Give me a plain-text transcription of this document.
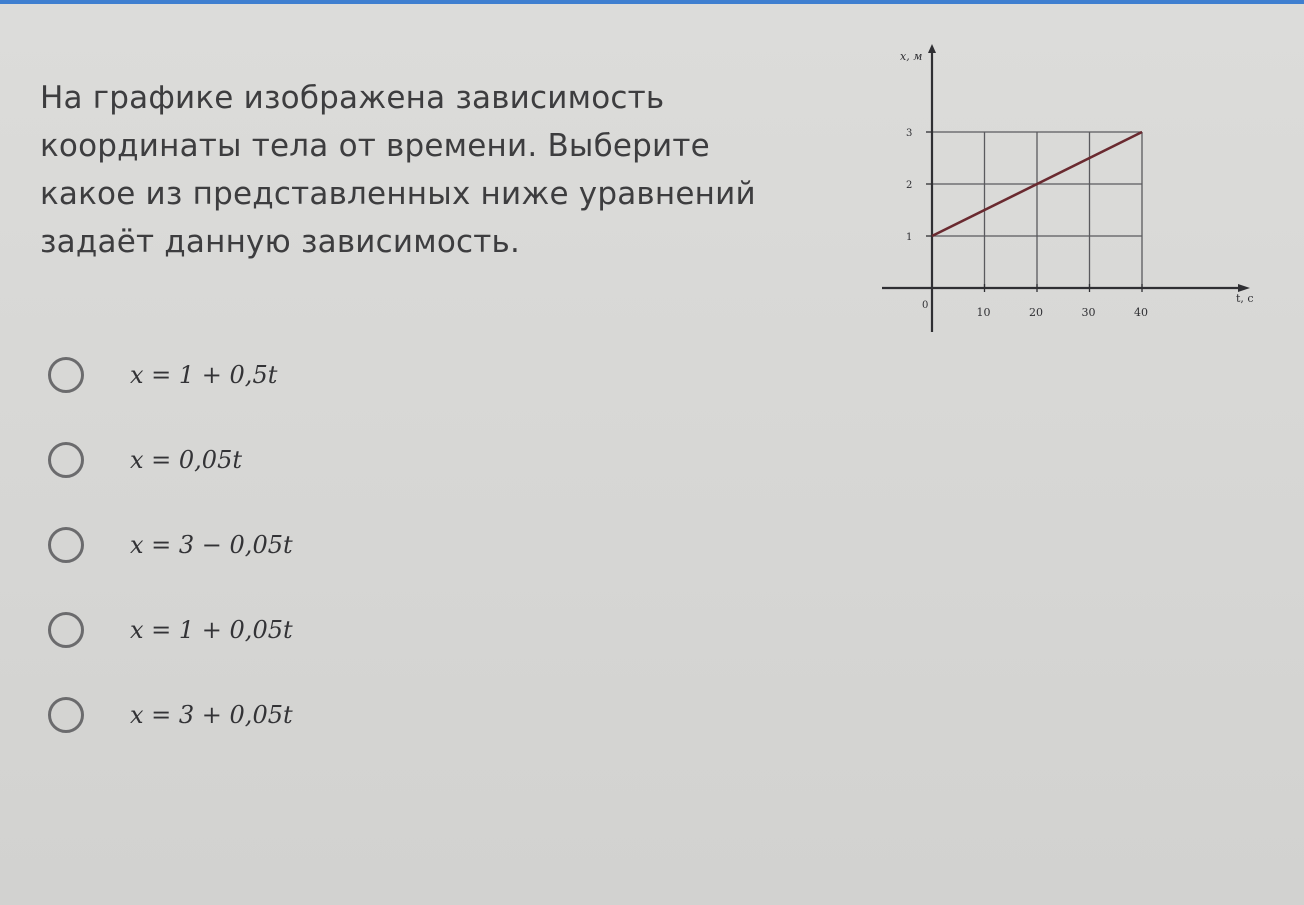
На графике изображена зависимость
координаты тела от времени. Выберите
какое из представленных ниже уравнений
задаёт данную зависимость.
x = 1 + 0,5t
x = 0,05t
x = 3 − 0,05t
x = 1 + 0,05t
x = 3 + 0,05t
10	20	30	40
1
2
3
0
t, c
x, м
